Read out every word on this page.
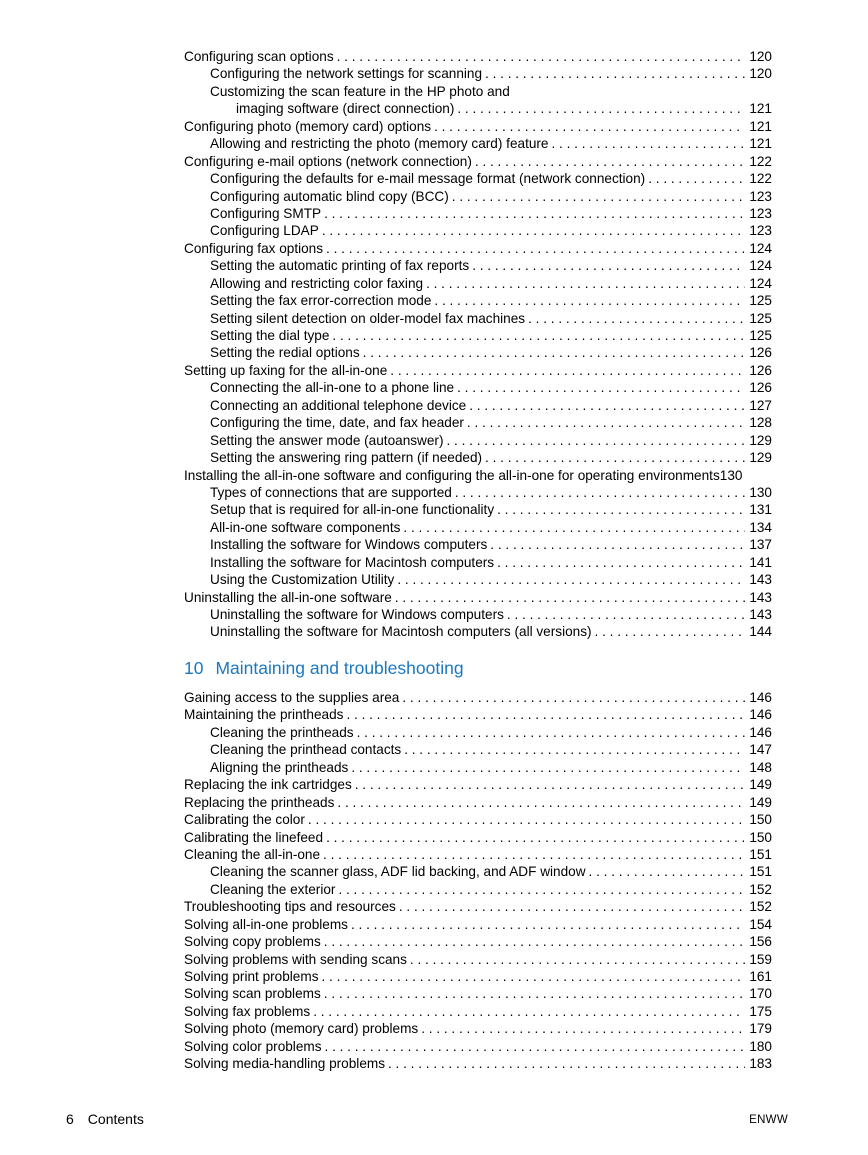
Configuring scan options . . .	120
Configuring the network settings for scanning . . .	120
Customizing the scan feature in the HP photo and
imaging software (direct connection) . . .	121
Configuring photo (memory card) options . . .	121
Allowing and restricting the photo (memory card) feature . . .	121
Configuring e-mail options (network connection) . . .	122
Configuring the defaults for e-mail message format (network connection) . . .	122
Configuring automatic blind copy (BCC) . . .	123
Configuring SMTP . . .	123
Configuring LDAP . . .	123
Configuring fax options . . .	124
Setting the automatic printing of fax reports . . .	124
Allowing and restricting color faxing . . .	124
Setting the fax error-correction mode . . .	125
Setting silent detection on older-model fax machines . . .	125
Setting the dial type . . .	125
Setting the redial options . . .	126
Setting up faxing for the all-in-one . . .	126
Connecting the all-in-one to a phone line . . .	126
Connecting an additional telephone device . . .	127
Configuring the time, date, and fax header . . .	128
Setting the answer mode (autoanswer) . . .	129
Setting the answering ring pattern (if needed) . . .	129
Installing the all-in-one software and configuring the all-in-one for operating environments 130
Types of connections that are supported . . .	130
Setup that is required for all-in-one functionality . . .	131
All-in-one software components . . .	134
Installing the software for Windows computers . . .	137
Installing the software for Macintosh computers . . .	141
Using the Customization Utility . . .	143
Uninstalling the all-in-one software . . .	143
Uninstalling the software for Windows computers . . .	143
Uninstalling the software for Macintosh computers (all versions) . . .	144
10 Maintaining and troubleshooting
Gaining access to the supplies area . . .	146
Maintaining the printheads . . .	146
Cleaning the printheads . . .	146
Cleaning the printhead contacts . . .	147
Aligning the printheads . . .	148
Replacing the ink cartridges . . .	149
Replacing the printheads . . .	149
Calibrating the color . . .	150
Calibrating the linefeed . . .	150
Cleaning the all-in-one . . .	151
Cleaning the scanner glass, ADF lid backing, and ADF window . . .	151
Cleaning the exterior . . .	152
Troubleshooting tips and resources . . .	152
Solving all-in-one problems . . .	154
Solving copy problems . . .	156
Solving problems with sending scans . . .	159
Solving print problems . . .	161
Solving scan problems . . .	170
Solving fax problems . . .	175
Solving photo (memory card) problems . . .	179
Solving color problems . . .	180
Solving media-handling problems . . .	183
6 Contents	ENWW
